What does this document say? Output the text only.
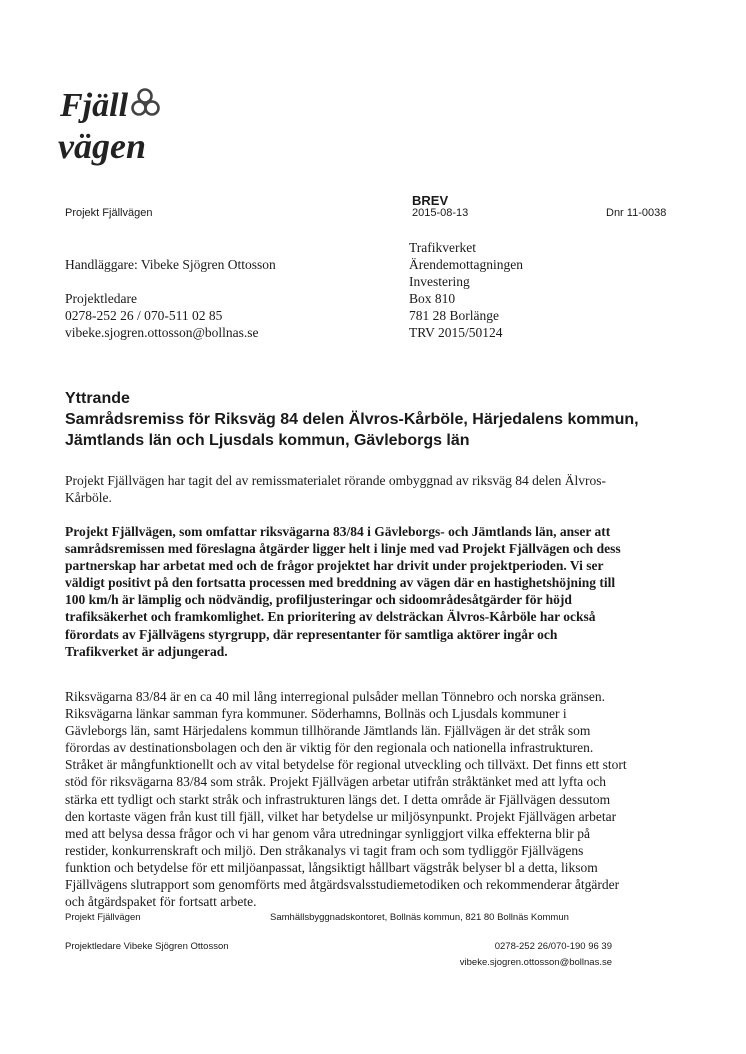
Fjäll
vägen
Projekt Fjällvägen
BREV
2015-08-13	Dnr 11-0038
Handläggare: Vibeke Sjögren Ottosson
Projektledare
0278-252 26 / 070-511 02 85
vibeke.sjogren.ottosson@bollnas.se
Trafikverket
Ärendemottagningen
Investering
Box 810
781 28 Borlänge
TRV 2015/50124
Yttrande
Samrådsremiss för Riksväg 84 delen Älvros-Kårböle, Härjedalens kommun,
Jämtlands län och Ljusdals kommun, Gävleborgs län
Projekt Fjällvägen har tagit del av remissmaterialet rörande ombyggnad av riksväg 84 delen Älvros-
Kårböle.
Projekt Fjällvägen, som omfattar riksvägarna 83/84 i Gävleborgs- och Jämtlands län, anser att
samrådsremissen med föreslagna åtgärder ligger helt i linje med vad Projekt Fjällvägen och dess
partnerskap har arbetat med och de frågor projektet har drivit under projektperioden. Vi ser
väldigt positivt på den fortsatta processen med breddning av vägen där en hastighetshöjning till
100 km/h är lämplig och nödvändig, profiljusteringar och sidoområdesåtgärder för höjd
trafiksäkerhet och framkomlighet. En prioritering av delsträckan Älvros-Kårböle har också
förordats av Fjällvägens styrgrupp, där representanter för samtliga aktörer ingår och
Trafikverket är adjungerad.
Riksvägarna 83/84 är en ca 40 mil lång interregional pulsåder mellan Tönnebro och norska gränsen.
Riksvägarna länkar samman fyra kommuner. Söderhamns, Bollnäs och Ljusdals kommuner i
Gävleborgs län, samt Härjedalens kommun tillhörande Jämtlands län. Fjällvägen är det stråk som
förordas av destinationsbolagen och den är viktig för den regionala och nationella infrastrukturen.
Stråket är mångfunktionellt och av vital betydelse för regional utveckling och tillväxt. Det finns ett stort
stöd för riksvägarna 83/84 som stråk. Projekt Fjällvägen arbetar utifrån stråktänket med att lyfta och
stärka ett tydligt och starkt stråk och infrastrukturen längs det. I detta område är Fjällvägen dessutom
den kortaste vägen från kust till fjäll, vilket har betydelse ur miljösynpunkt. Projekt Fjällvägen arbetar
med att belysa dessa frågor och vi har genom våra utredningar synliggjort vilka effekterna blir på
restider, konkurrenskraft och miljö. Den stråkanalys vi tagit fram och som tydliggör Fjällvägens
funktion och betydelse för ett miljöanpassat, långsiktigt hållbart vägstråk belyser bl a detta, liksom
Fjällvägens slutrapport som genomförts med åtgärdsvalsstudiemetodiken och rekommenderar åtgärder
och åtgärdspaket för fortsatt arbete.
Projekt Fjällvägen	Samhällsbyggnadskontoret, Bollnäs kommun, 821 80 Bollnäs Kommun
Projektledare Vibeke Sjögren Ottosson	0278-252 26/070-190 96 39
vibeke.sjogren.ottosson@bollnas.se
